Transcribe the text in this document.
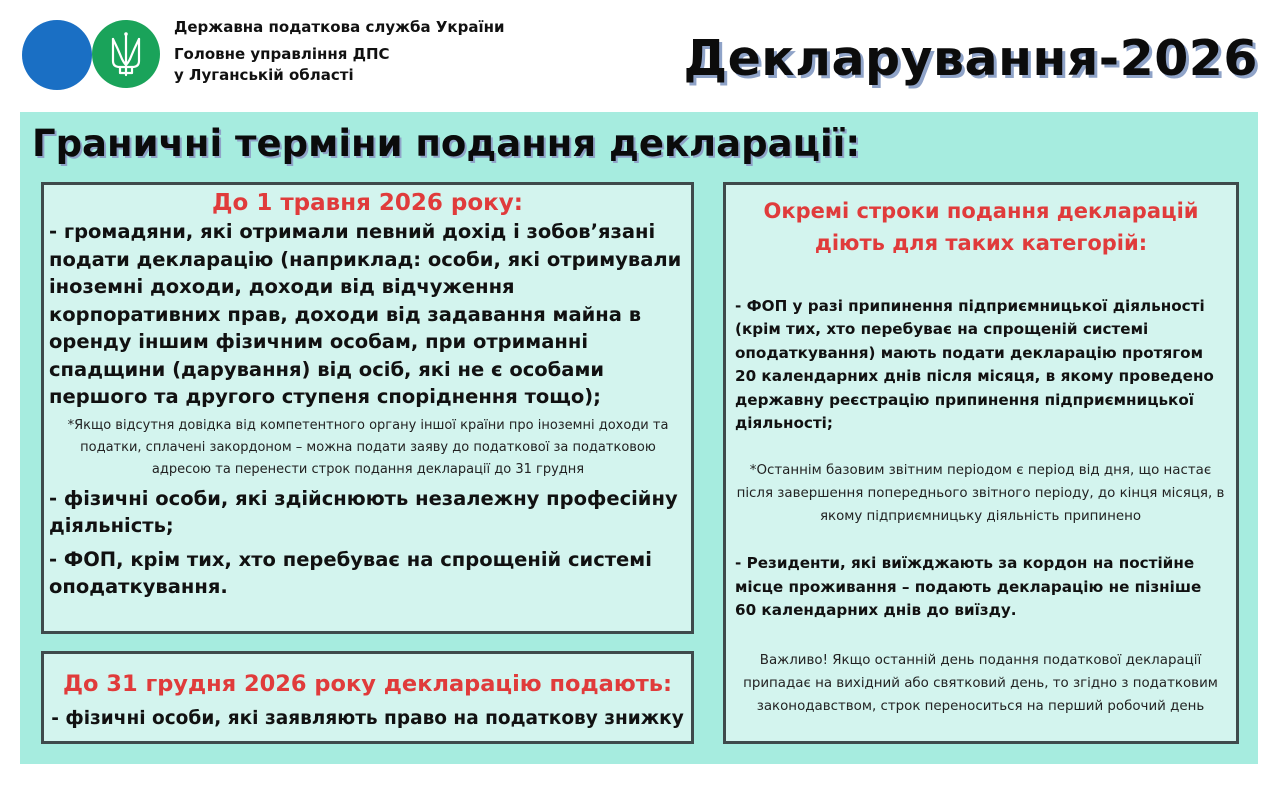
Державна податкова служба України
Головне управління ДПС
у Луганській області	Декларування-2026
Граничні терміни подання декларації:
До 1 травня 2026 року:

- громадяни, які отримали певний дохід і зобов’язані подати декларацію (наприклад: особи, які отримували іноземні доходи, доходи від відчуження корпоративних прав, доходи від задавання майна в оренду іншим фізичним особам, при отриманні спадщини (дарування) від осіб, які не є особами першого та другого ступеня споріднення тощо);

*Якщо відсутня довідка від компетентного органу іншої країни про іноземні доходи та податки, сплачені закордоном – можна подати заяву до податкової за податковою адресою та перенести строк подання декларації до 31 грудня

- фізичні особи, які здійснюють незалежну професійну діяльність;

- ФОП, крім тих, хто перебуває на спрощеній системі оподаткування.

До 31 грудня 2026 року декларацію подають:
- фізичні особи, які заявляють право на податкову знижку
Окремі строки подання декларацій діють для таких категорій:
- ФОП у разі припинення підприємницької діяльності (крім тих, хто перебуває на спрощеній системі оподаткування) мають подати декларацію протягом 20 календарних днів після місяця, в якому проведено державну реєстрацію припинення підприємницької діяльності;
*Останнім базовим звітним періодом є період від дня, що настає після завершення попереднього звітного періоду, до кінця місяця, в якому підприємницьку діяльність припинено
- Резиденти, які виїжджають за кордон на постійне місце проживання – подають декларацію не пізніше 60 календарних днів до виїзду.
Важливо! Якщо останній день подання податкової декларації припадає на вихідний або святковий день, то згідно з податковим законодавством, строк переноситься на перший робочий день
